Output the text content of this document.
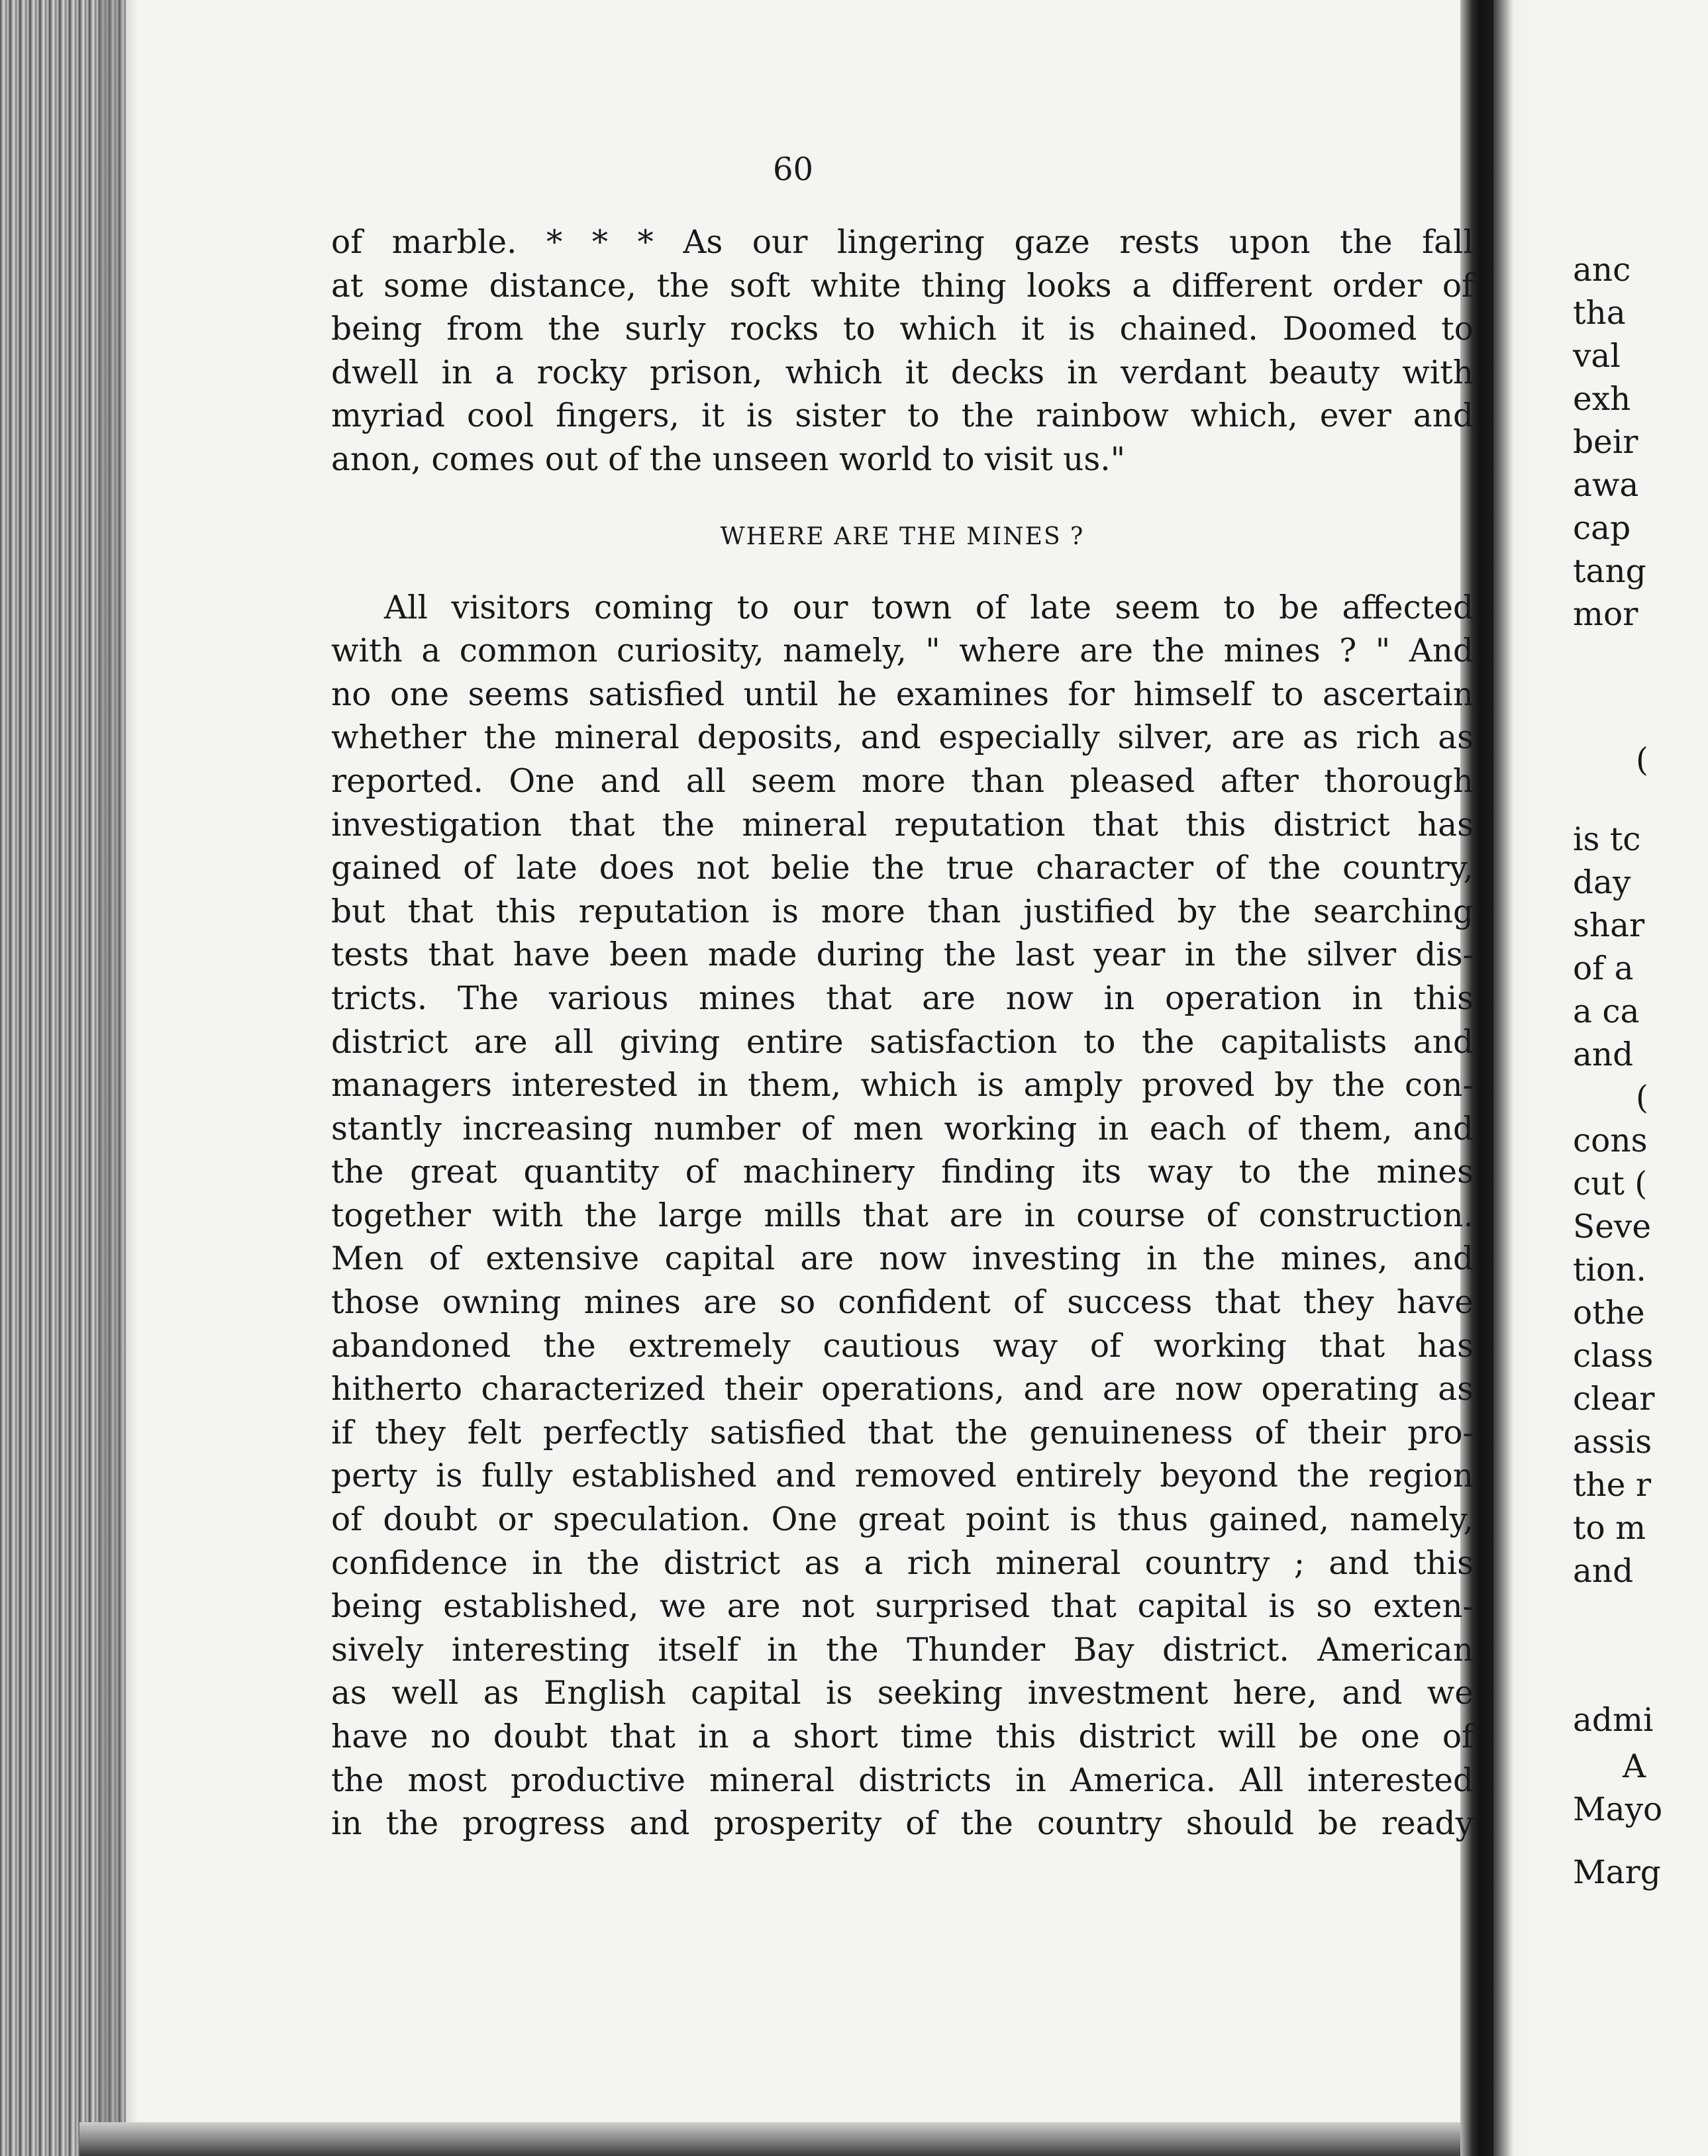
60
of marble. * * * As our lingering gaze rests upon the fall
at some distance, the soft white thing looks a different order of
being from the surly rocks to which it is chained. Doomed to
dwell in a rocky prison, which it decks in verdant beauty with
myriad cool fingers, it is sister to the rainbow which, ever and
anon, comes out of the unseen world to visit us."
WHERE ARE THE MINES ?
All visitors coming to our town of late seem to be affected
with a common curiosity, namely, " where are the mines ? " And
no one seems satisfied until he examines for himself to ascertain
whether the mineral deposits, and especially silver, are as rich as
reported. One and all seem more than pleased after thorough
investigation that the mineral reputation that this district has
gained of late does not belie the true character of the country,
but that this reputation is more than justified by the searching
tests that have been made during the last year in the silver dis-
tricts. The various mines that are now in operation in this
district are all giving entire satisfaction to the capitalists and
managers interested in them, which is amply proved by the con-
stantly increasing number of men working in each of them, and
the great quantity of machinery finding its way to the mines
together with the large mills that are in course of construction.
Men of extensive capital are now investing in the mines, and
those owning mines are so confident of success that they have
abandoned the extremely cautious way of working that has
hitherto characterized their operations, and are now operating as
if they felt perfectly satisfied that the genuineness of their pro-
perty is fully established and removed entirely beyond the region
of doubt or speculation. One great point is thus gained, namely,
confidence in the district as a rich mineral country ; and this
being established, we are not surprised that capital is so exten-
sively interesting itself in the Thunder Bay district. American
as well as English capital is seeking investment here, and we
have no doubt that in a short time this district will be one of
the most productive mineral districts in America. All interested
in the progress and prosperity of the country should be ready
anc
tha
val
exh
beir
awa
cap
tang
mor
(
is tc
day
shar
of a
a ca
and
(
cons
cut (
Seve
tion.
othe
class
clear
assis
the r
to m
and
admi
A
Mayo
Marg
